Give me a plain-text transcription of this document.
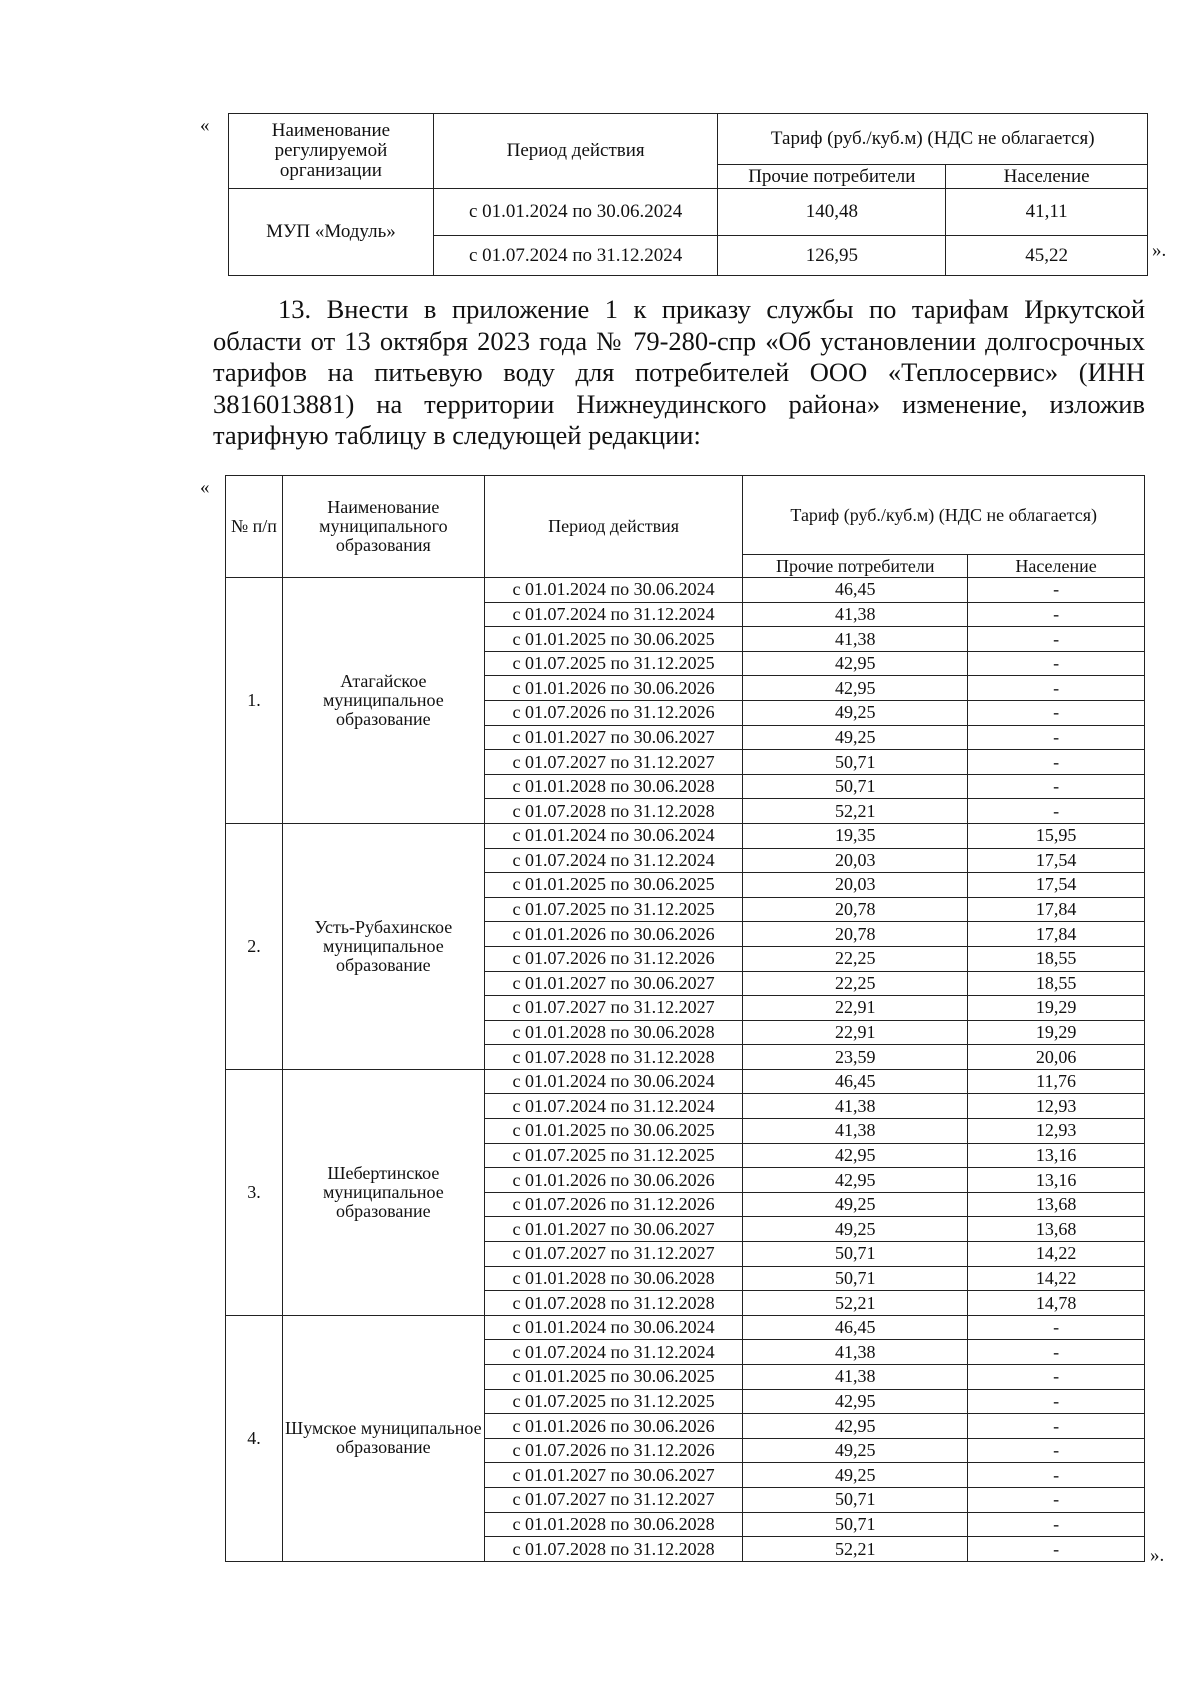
«
».
Наименование регулируемой организации	Период действия	Тариф (руб./куб.м) (НДС не облагается)	
		Прочие потребители	Население
МУП «Модуль»	с 01.01.2024 по 30.06.2024	140,48	41,11
	с 01.07.2024 по 31.12.2024	126,95	45,22
13. Внести в приложение 1 к приказу службы по тарифам Иркутской области от 13 октября 2023 года № 79-280-спр «Об установлении долгосрочных тарифов на питьевую воду для потребителей ООО «Теплосервис» (ИНН 3816013881) на территории Нижнеудинского района» изменение, изложив тарифную таблицу в следующей редакции:
«
».
№ п/п	Наименование муниципального образования	Период действия	Тариф (руб./куб.м) (НДС не облагается)	
			Прочие потребители	Население
1.	Атагайское муниципальное образование	с 01.01.2024 по 30.06.2024	46,45	-
		с 01.07.2024 по 31.12.2024	41,38	-
		с 01.01.2025 по 30.06.2025	41,38	-
		с 01.07.2025 по 31.12.2025	42,95	-
		с 01.01.2026 по 30.06.2026	42,95	-
		с 01.07.2026 по 31.12.2026	49,25	-
		с 01.01.2027 по 30.06.2027	49,25	-
		с 01.07.2027 по 31.12.2027	50,71	-
		с 01.01.2028 по 30.06.2028	50,71	-
		с 01.07.2028 по 31.12.2028	52,21	-
2.	Усть-Рубахинское муниципальное образование	с 01.01.2024 по 30.06.2024	19,35	15,95
		с 01.07.2024 по 31.12.2024	20,03	17,54
		с 01.01.2025 по 30.06.2025	20,03	17,54
		с 01.07.2025 по 31.12.2025	20,78	17,84
		с 01.01.2026 по 30.06.2026	20,78	17,84
		с 01.07.2026 по 31.12.2026	22,25	18,55
		с 01.01.2027 по 30.06.2027	22,25	18,55
		с 01.07.2027 по 31.12.2027	22,91	19,29
		с 01.01.2028 по 30.06.2028	22,91	19,29
		с 01.07.2028 по 31.12.2028	23,59	20,06
3.	Шебертинское муниципальное образование	с 01.01.2024 по 30.06.2024	46,45	11,76
		с 01.07.2024 по 31.12.2024	41,38	12,93
		с 01.01.2025 по 30.06.2025	41,38	12,93
		с 01.07.2025 по 31.12.2025	42,95	13,16
		с 01.01.2026 по 30.06.2026	42,95	13,16
		с 01.07.2026 по 31.12.2026	49,25	13,68
		с 01.01.2027 по 30.06.2027	49,25	13,68
		с 01.07.2027 по 31.12.2027	50,71	14,22
		с 01.01.2028 по 30.06.2028	50,71	14,22
		с 01.07.2028 по 31.12.2028	52,21	14,78
4.	Шумское муниципальное образование	с 01.01.2024 по 30.06.2024	46,45	-
		с 01.07.2024 по 31.12.2024	41,38	-
		с 01.01.2025 по 30.06.2025	41,38	-
		с 01.07.2025 по 31.12.2025	42,95	-
		с 01.01.2026 по 30.06.2026	42,95	-
		с 01.07.2026 по 31.12.2026	49,25	-
		с 01.01.2027 по 30.06.2027	49,25	-
		с 01.07.2027 по 31.12.2027	50,71	-
		с 01.01.2028 по 30.06.2028	50,71	-
		с 01.07.2028 по 31.12.2028	52,21	-
